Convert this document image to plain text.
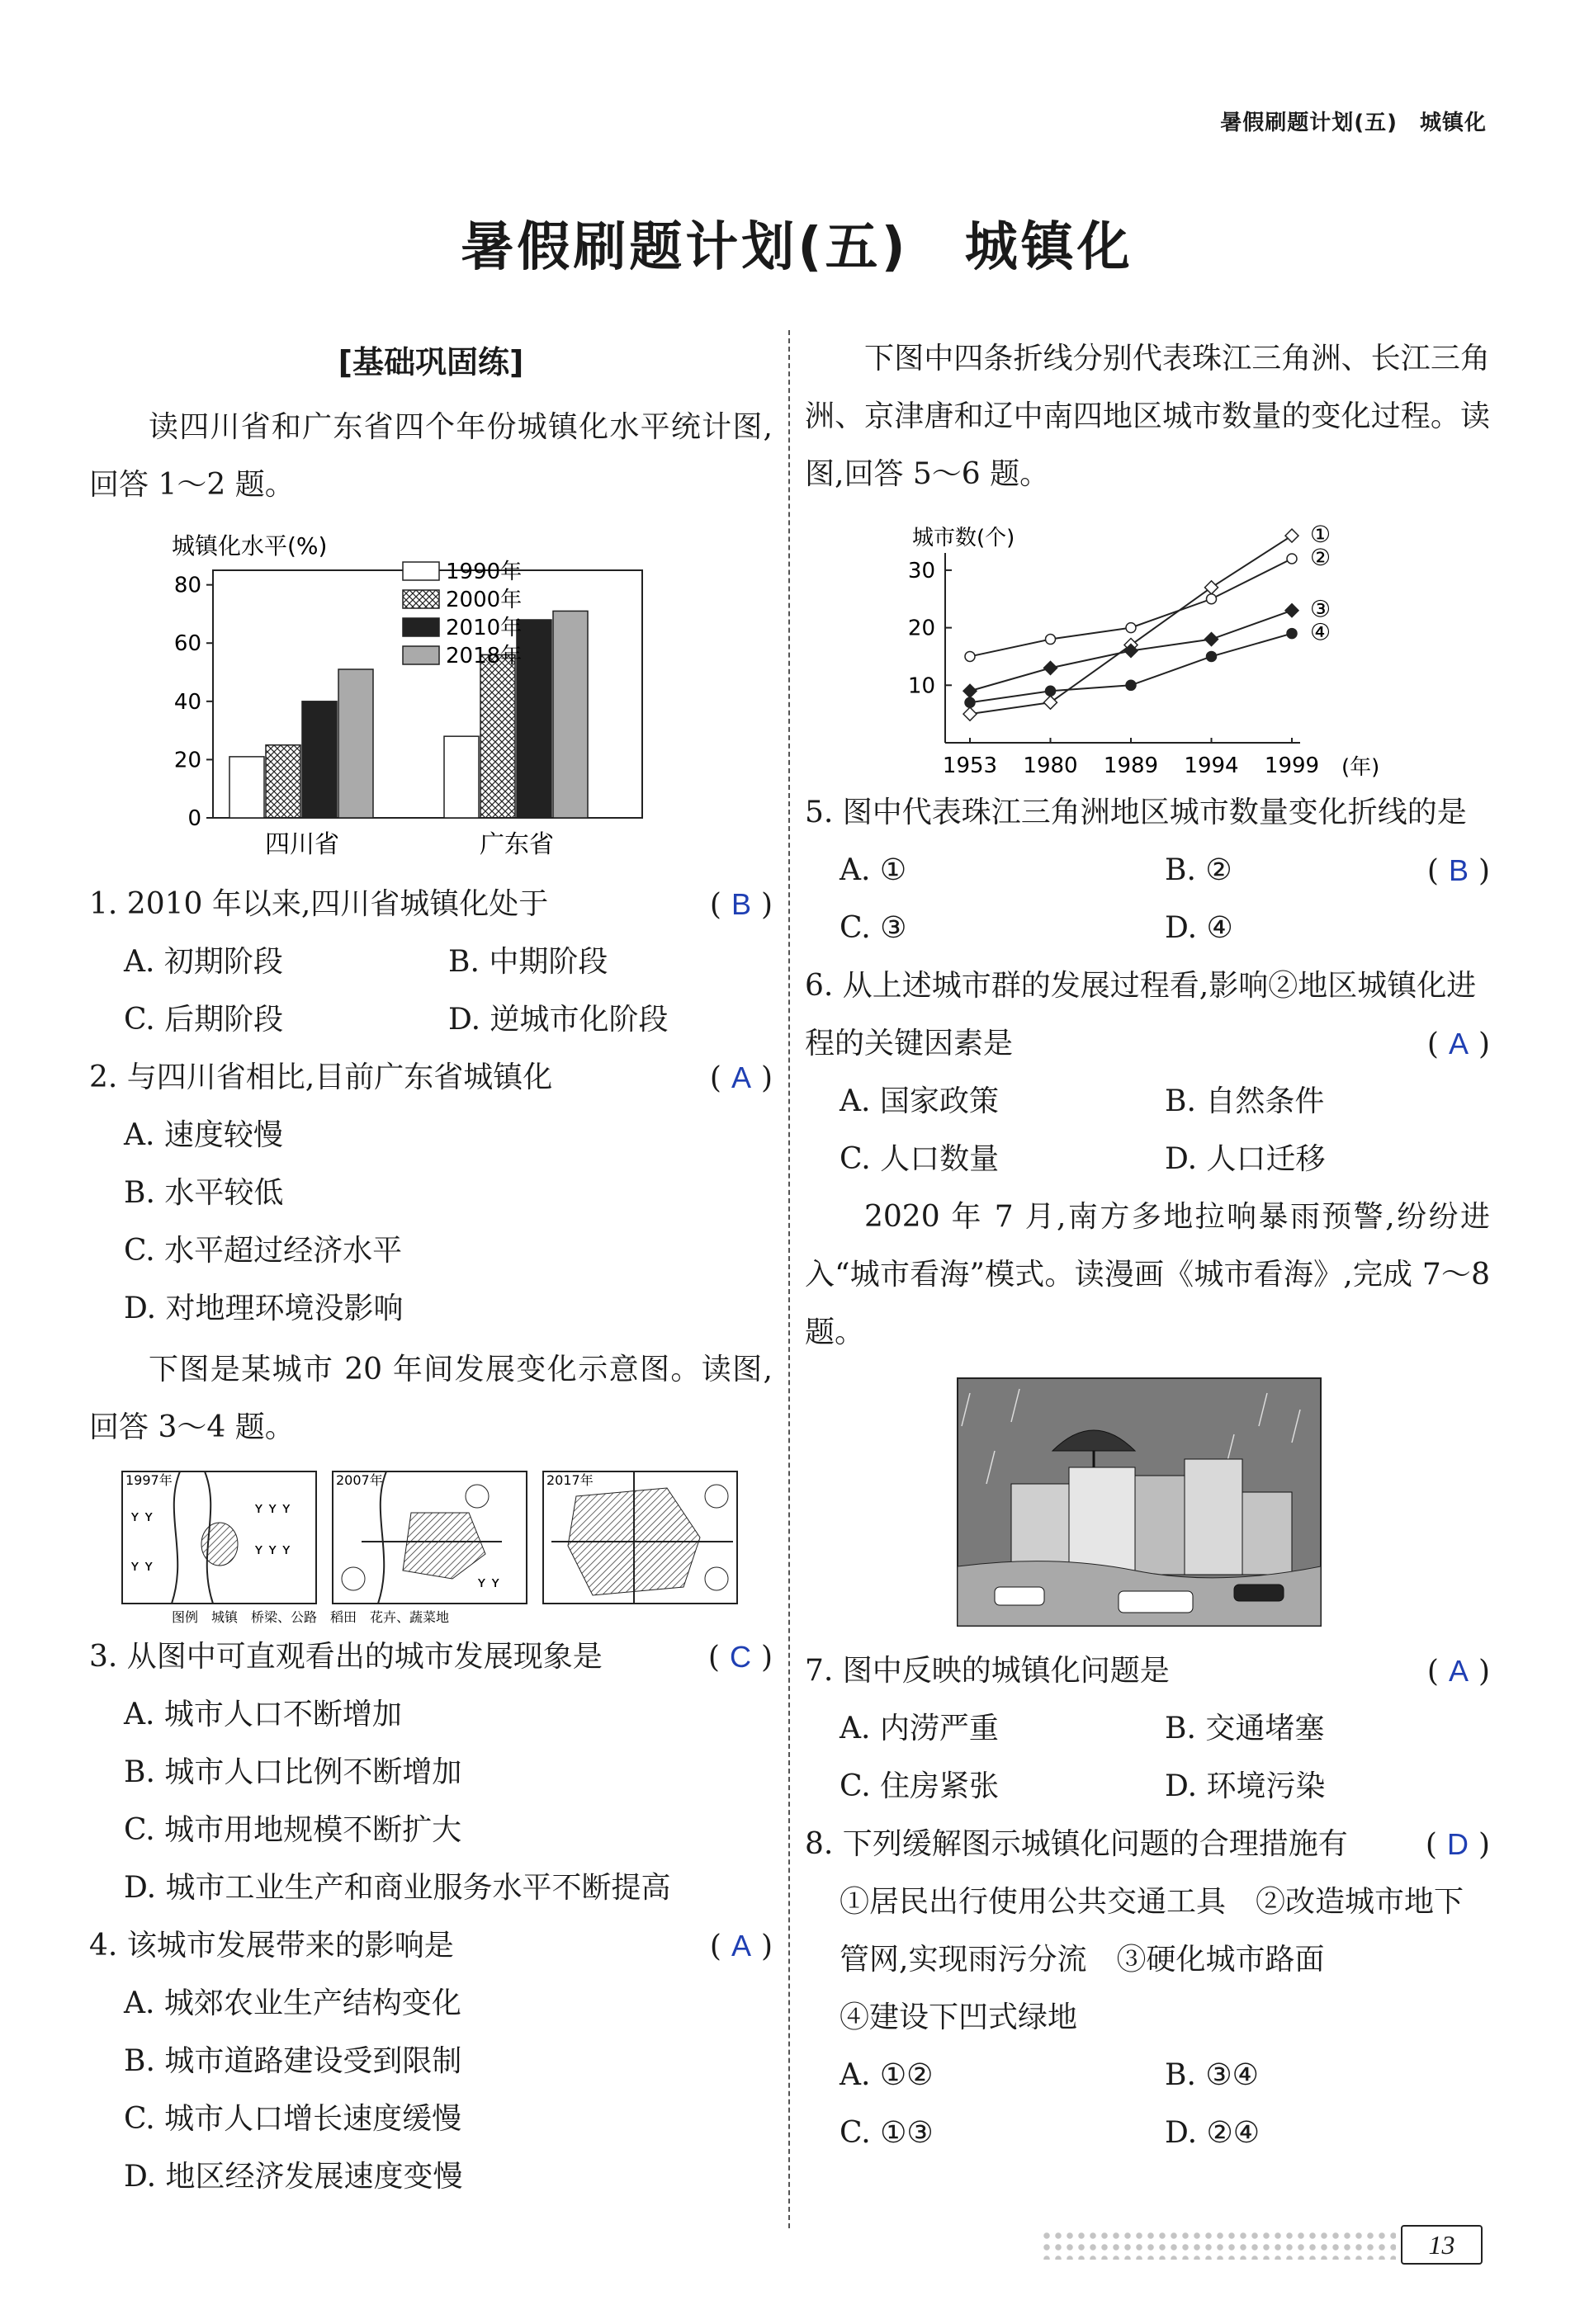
暑假刷题计划(五)　城镇化
暑假刷题计划(五)　城镇化
[基础巩固练]

读四川省和广东省四个年份城镇化水平统计图,回答 1～2 题。

城镇化水平(%)
0
20
40
60
80
四川省	广东省
1990年
2000年
2010年
2018年
1. 2010 年以来,四川省城镇化处于	( B )
A. 初期阶段	B. 中期阶段
C. 后期阶段	D. 逆城市化阶段
2. 与四川省相比,目前广东省城镇化	( A )
A. 速度较慢
B. 水平较低
C. 水平超过经济水平
D. 对地理环境没影响

下图是某城市 20 年间发展变化示意图。读图,回答 3～4 题。

1997年
ʏ ʏ ʏ
ʏ ʏ ʏ
ʏ ʏ
ʏ ʏ
2007年
ʏ ʏ
2017年
图例　城镇　桥梁、公路　稻田　花卉、蔬菜地
3. 从图中可直观看出的城市发展现象是	( C )
A. 城市人口不断增加
B. 城市人口比例不断增加
C. 城市用地规模不断扩大
D. 城市工业生产和商业服务水平不断提高
4. 该城市发展带来的影响是	( A )
A. 城郊农业生产结构变化
B. 城市道路建设受到限制
C. 城市人口增长速度缓慢
D. 地区经济发展速度变慢

下图中四条折线分别代表珠江三角洲、长江三角洲、京津唐和辽中南四地区城市数量的变化过程。读图,回答 5～6 题。

城市数(个)
(年)
10
20
30
1953 1980 1989 1994 1999
①
②
③
④
5. 图中代表珠江三角洲地区城市数量变化折线的是
( B )
A. ①	B. ②
C. ③	D. ④
6. 从上述城市群的发展过程看,影响②地区城镇化进程的关键因素是	( A )
A. 国家政策	B. 自然条件
C. 人口数量	D. 人口迁移

2020 年 7 月,南方多地拉响暴雨预警,纷纷进入“城市看海”模式。读漫画《城市看海》,完成 7～8 题。

7. 图中反映的城镇化问题是	( A )
A. 内涝严重	B. 交通堵塞
C. 住房紧张	D. 环境污染
8. 下列缓解图示城镇化问题的合理措施有	( D )
①居民出行使用公共交通工具　②改造城市地下管网,实现雨污分流　③硬化城市路面
④建设下凹式绿地
A. ①②	B. ③④
C. ①③	D. ②④
13
